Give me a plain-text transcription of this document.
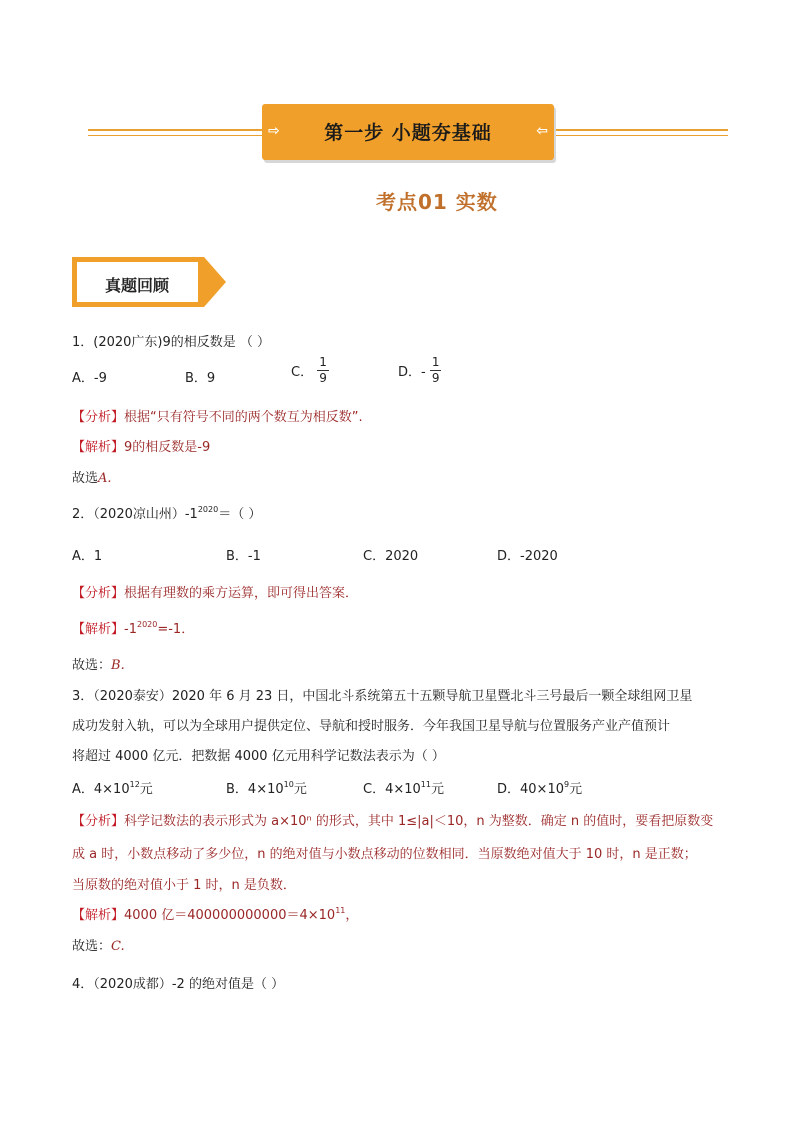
⇨	第一步 小题夯基础	⇦
考点01 实数
真题回顾
1．(2020广东)9的相反数是 （ ）
A．-9	B．9	C． $\frac{1}{9}$	D．- $\frac{1}{9}$
【分析】根据“只有符号不同的两个数互为相反数”.
【解析】9的相反数是-9
故选A.
2．（2020凉山州）$-1^{2020}=$（ ）
A．1	B．-1	C．2020	D．-2020
【分析】根据有理数的乘方运算，即可得出答案．
【解析】$-1^{2020}=-1$．
故选：B.
3．（2020泰安）2020 年 6 月 23 日，中国北斗系统第五十五颗导航卫星暨北斗三号最后一颗全球组网卫星
成功发射入轨，可以为全球用户提供定位、导航和授时服务．今年我国卫星导航与位置服务产业产值预计
将超过 4000 亿元．把数据 4000 亿元用科学记数法表示为（ ）
A．$4\times 10^{12}$元	B．$4\times 10^{10}$元	C．$4\times 10^{11}$元	D．$40\times 10^9$元
【分析】科学记数法的表示形式为 a×10ⁿ 的形式，其中 1≤|a|＜10，n 为整数．确定 n 的值时，要看把原数变
成 a 时，小数点移动了多少位，n 的绝对值与小数点移动的位数相同．当原数绝对值大于 10 时，n 是正数；
当原数的绝对值小于 1 时，n 是负数．
【解析】4000 亿$=400000000000=4\times 10^{11}$，
故选：C.
4．（2020成都）-2 的绝对值是（ ）
